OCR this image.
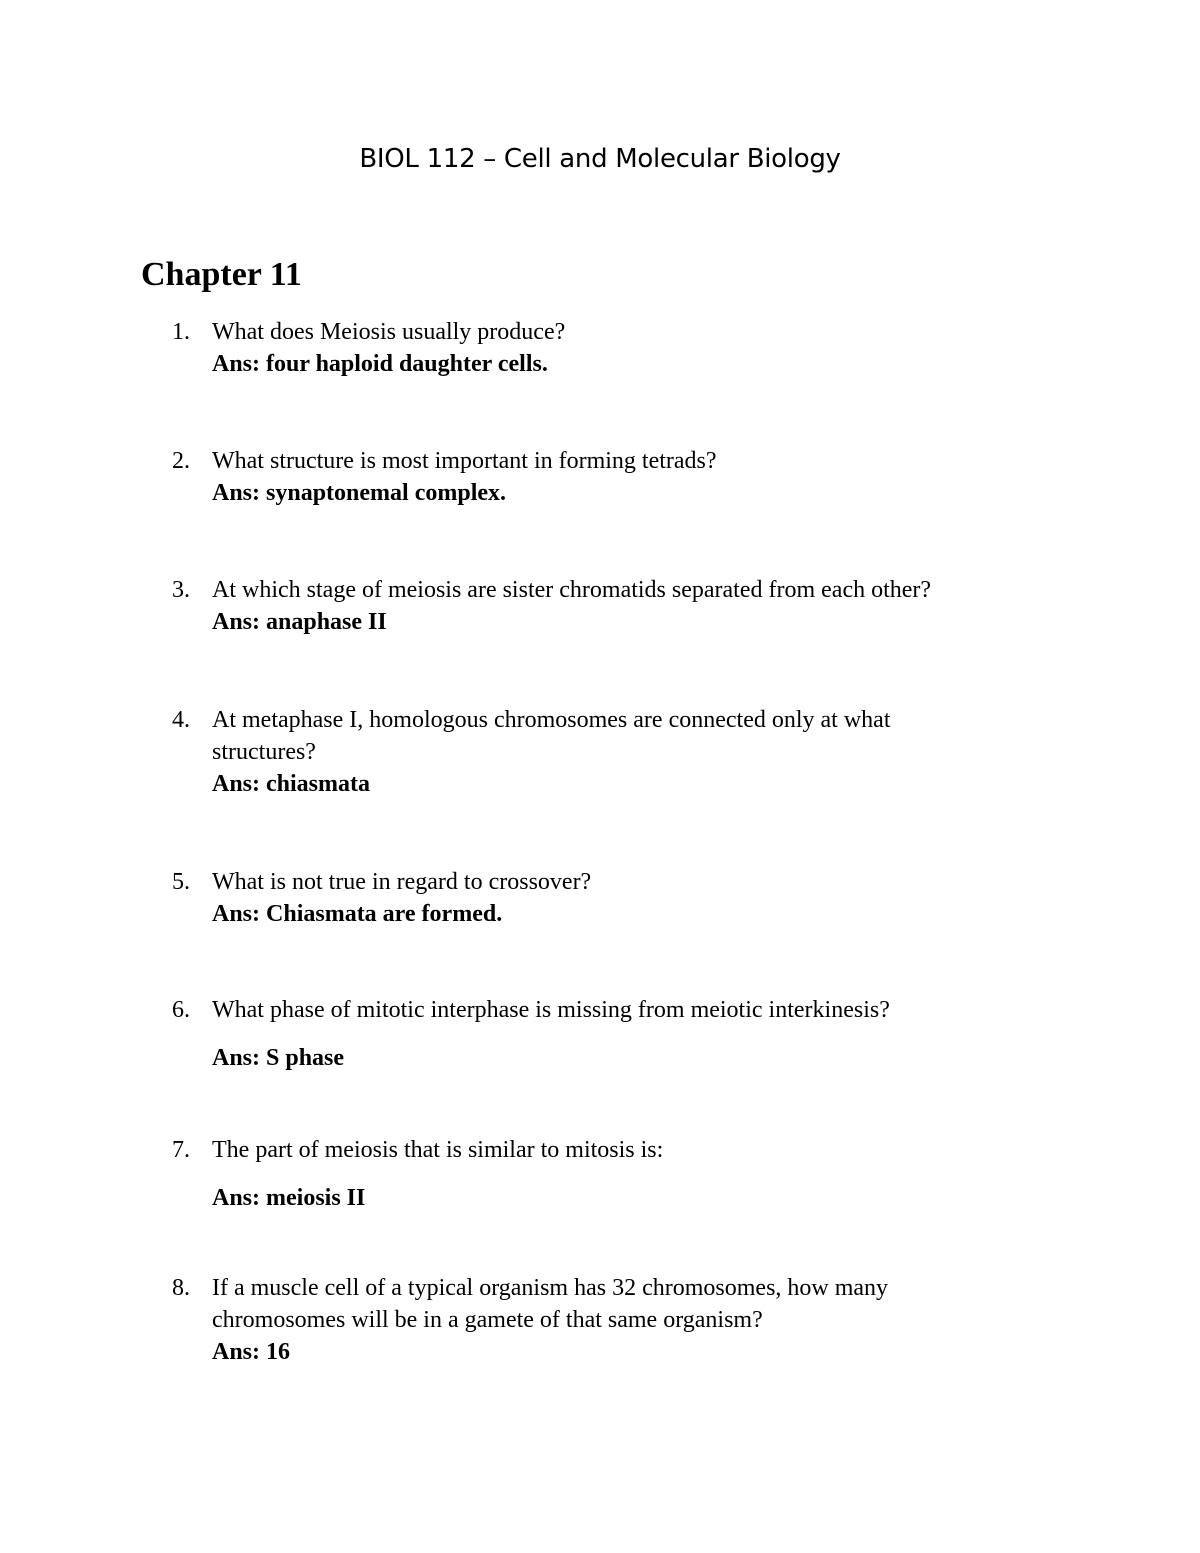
BIOL 112 – Cell and Molecular Biology
Chapter 11
1. What does Meiosis usually produce?
Ans: four haploid daughter cells.
2. What structure is most important in forming tetrads?
Ans: synaptonemal complex.
3. At which stage of meiosis are sister chromatids separated from each other?
Ans: anaphase II
4. At metaphase I, homologous chromosomes are connected only at what structures?
Ans: chiasmata
5. What is not true in regard to crossover?
Ans: Chiasmata are formed.
6. What phase of mitotic interphase is missing from meiotic interkinesis?
Ans: S phase
7. The part of meiosis that is similar to mitosis is:
Ans: meiosis II
8. If a muscle cell of a typical organism has 32 chromosomes, how many chromosomes will be in a gamete of that same organism?
Ans: 16
